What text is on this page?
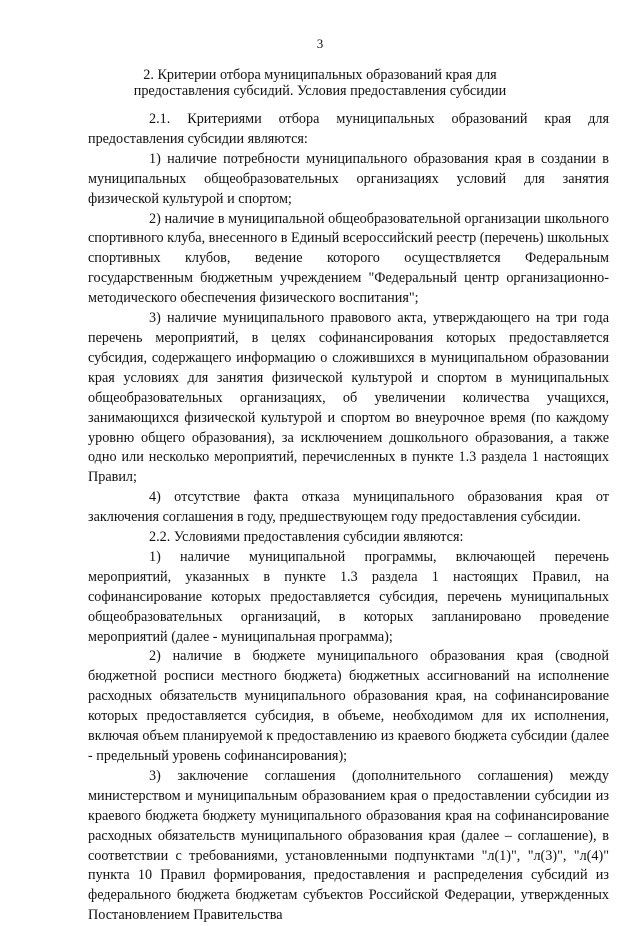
3
2. Критерии отбора муниципальных образований края для предоставления субсидий. Условия предоставления субсидии

2.1. Критериями отбора муниципальных образований края для предоставления субсидии являются:

1) наличие потребности муниципального образования края в создании в муниципальных общеобразовательных организациях условий для занятия физической культурой и спортом;

2) наличие в муниципальной общеобразовательной организации школьного спортивного клуба, внесенного в Единый всероссийский реестр (перечень) школьных спортивных клубов, ведение которого осуществляется Федеральным государственным бюджетным учреждением "Федеральный центр организационно-методического обеспечения физического воспитания";

3) наличие муниципального правового акта, утверждающего на три года перечень мероприятий, в целях софинансирования которых предоставляется субсидия, содержащего информацию о сложившихся в муниципальном образовании края условиях для занятия физической культурой и спортом в муниципальных общеобразовательных организациях, об увеличении количества учащихся, занимающихся физической культурой и спортом во внеурочное время (по каждому уровню общего образования), за исключением дошкольного образования, а также одно или несколько мероприятий, перечисленных в пункте 1.3 раздела 1 настоящих Правил;

4) отсутствие факта отказа муниципального образования края от заключения соглашения в году, предшествующем году предоставления субсидии.

2.2. Условиями предоставления субсидии являются:

1) наличие муниципальной программы, включающей перечень мероприятий, указанных в пункте 1.3 раздела 1 настоящих Правил, на софинансирование которых предоставляется субсидия, перечень муниципальных общеобразовательных организаций, в которых запланировано проведение мероприятий (далее - муниципальная программа);

2) наличие в бюджете муниципального образования края (сводной бюджетной росписи местного бюджета) бюджетных ассигнований на исполнение расходных обязательств муниципального образования края, на софинансирование которых предоставляется субсидия, в объеме, необходимом для их исполнения, включая объем планируемой к предоставлению из краевого бюджета субсидии (далее - предельный уровень софинансирования);

3) заключение соглашения (дополнительного соглашения) между министерством и муниципальным образованием края о предоставлении субсидии из краевого бюджета бюджету муниципального образования края на софинансирование расходных обязательств муниципального образования края (далее – соглашение), в соответствии с требованиями, установленными подпунктами "л(1)", "л(3)", "л(4)" пункта 10 Правил формирования, предоставления и распределения субсидий из федерального бюджета бюджетам субъектов Российской Федерации, утвержденных Постановлением Правительства
